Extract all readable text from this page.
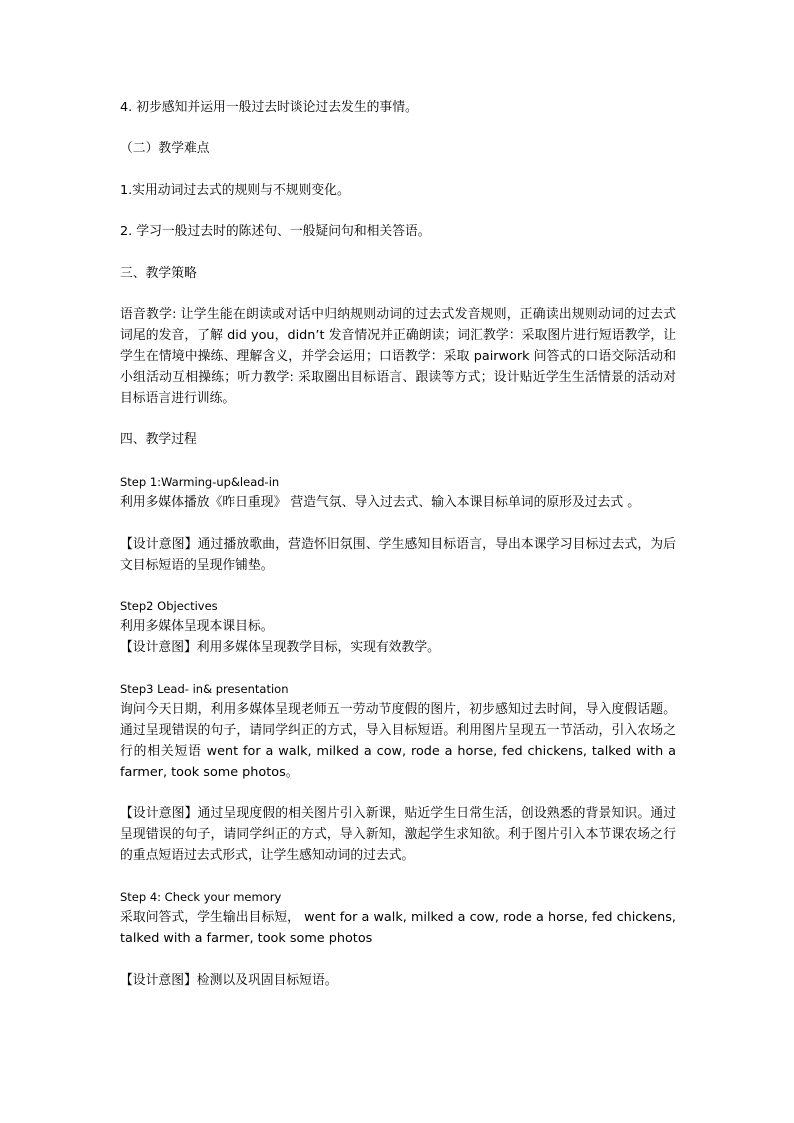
4. 初步感知并运用一般过去时谈论过去发生的事情。

（二）教学难点

1.实用动词过去式的规则与不规则变化。

2. 学习一般过去时的陈述句、一般疑问句和相关答语。

三、教学策略

语音教学: 让学生能在朗读或对话中归纳规则动词的过去式发音规则，正确读出规则动词的过去式词尾的发音，了解 did you，didn’t 发音情况并正确朗读；词汇教学：采取图片进行短语教学，让学生在情境中操练、理解含义，并学会运用；口语教学：采取 pairwork 问答式的口语交际活动和小组活动互相操练；听力教学: 采取圈出目标语言、跟读等方式；设计贴近学生生活情景的活动对目标语言进行训练。

四、教学过程

Step 1:Warming-up&lead-in

利用多媒体播放《昨日重现》 营造气氛、导入过去式、输入本课目标单词的原形及过去式 。

【设计意图】通过播放歌曲，营造怀旧氛围、学生感知目标语言，导出本课学习目标过去式，为后文目标短语的呈现作铺垫。

Step2 Objectives

利用多媒体呈现本课目标。

【设计意图】利用多媒体呈现教学目标，实现有效教学。

Step3 Lead- in& presentation

询问今天日期，利用多媒体呈现老师五一劳动节度假的图片，初步感知过去时间，导入度假话题。通过呈现错误的句子，请同学纠正的方式，导入目标短语。利用图片呈现五一节活动，引入农场之行的相关短语 went for a walk, milked a cow, rode a horse, fed chickens, talked with a farmer, took some photos。

【设计意图】通过呈现度假的相关图片引入新课，贴近学生日常生活，创设熟悉的背景知识。通过呈现错误的句子，请同学纠正的方式，导入新知，激起学生求知欲。利于图片引入本节课农场之行的重点短语过去式形式，让学生感知动词的过去式。

Step 4: Check your memory

采取问答式，学生输出目标短， went for a walk, milked a cow, rode a horse, fed chickens, talked with a farmer, took some photos

【设计意图】检测以及巩固目标短语。
